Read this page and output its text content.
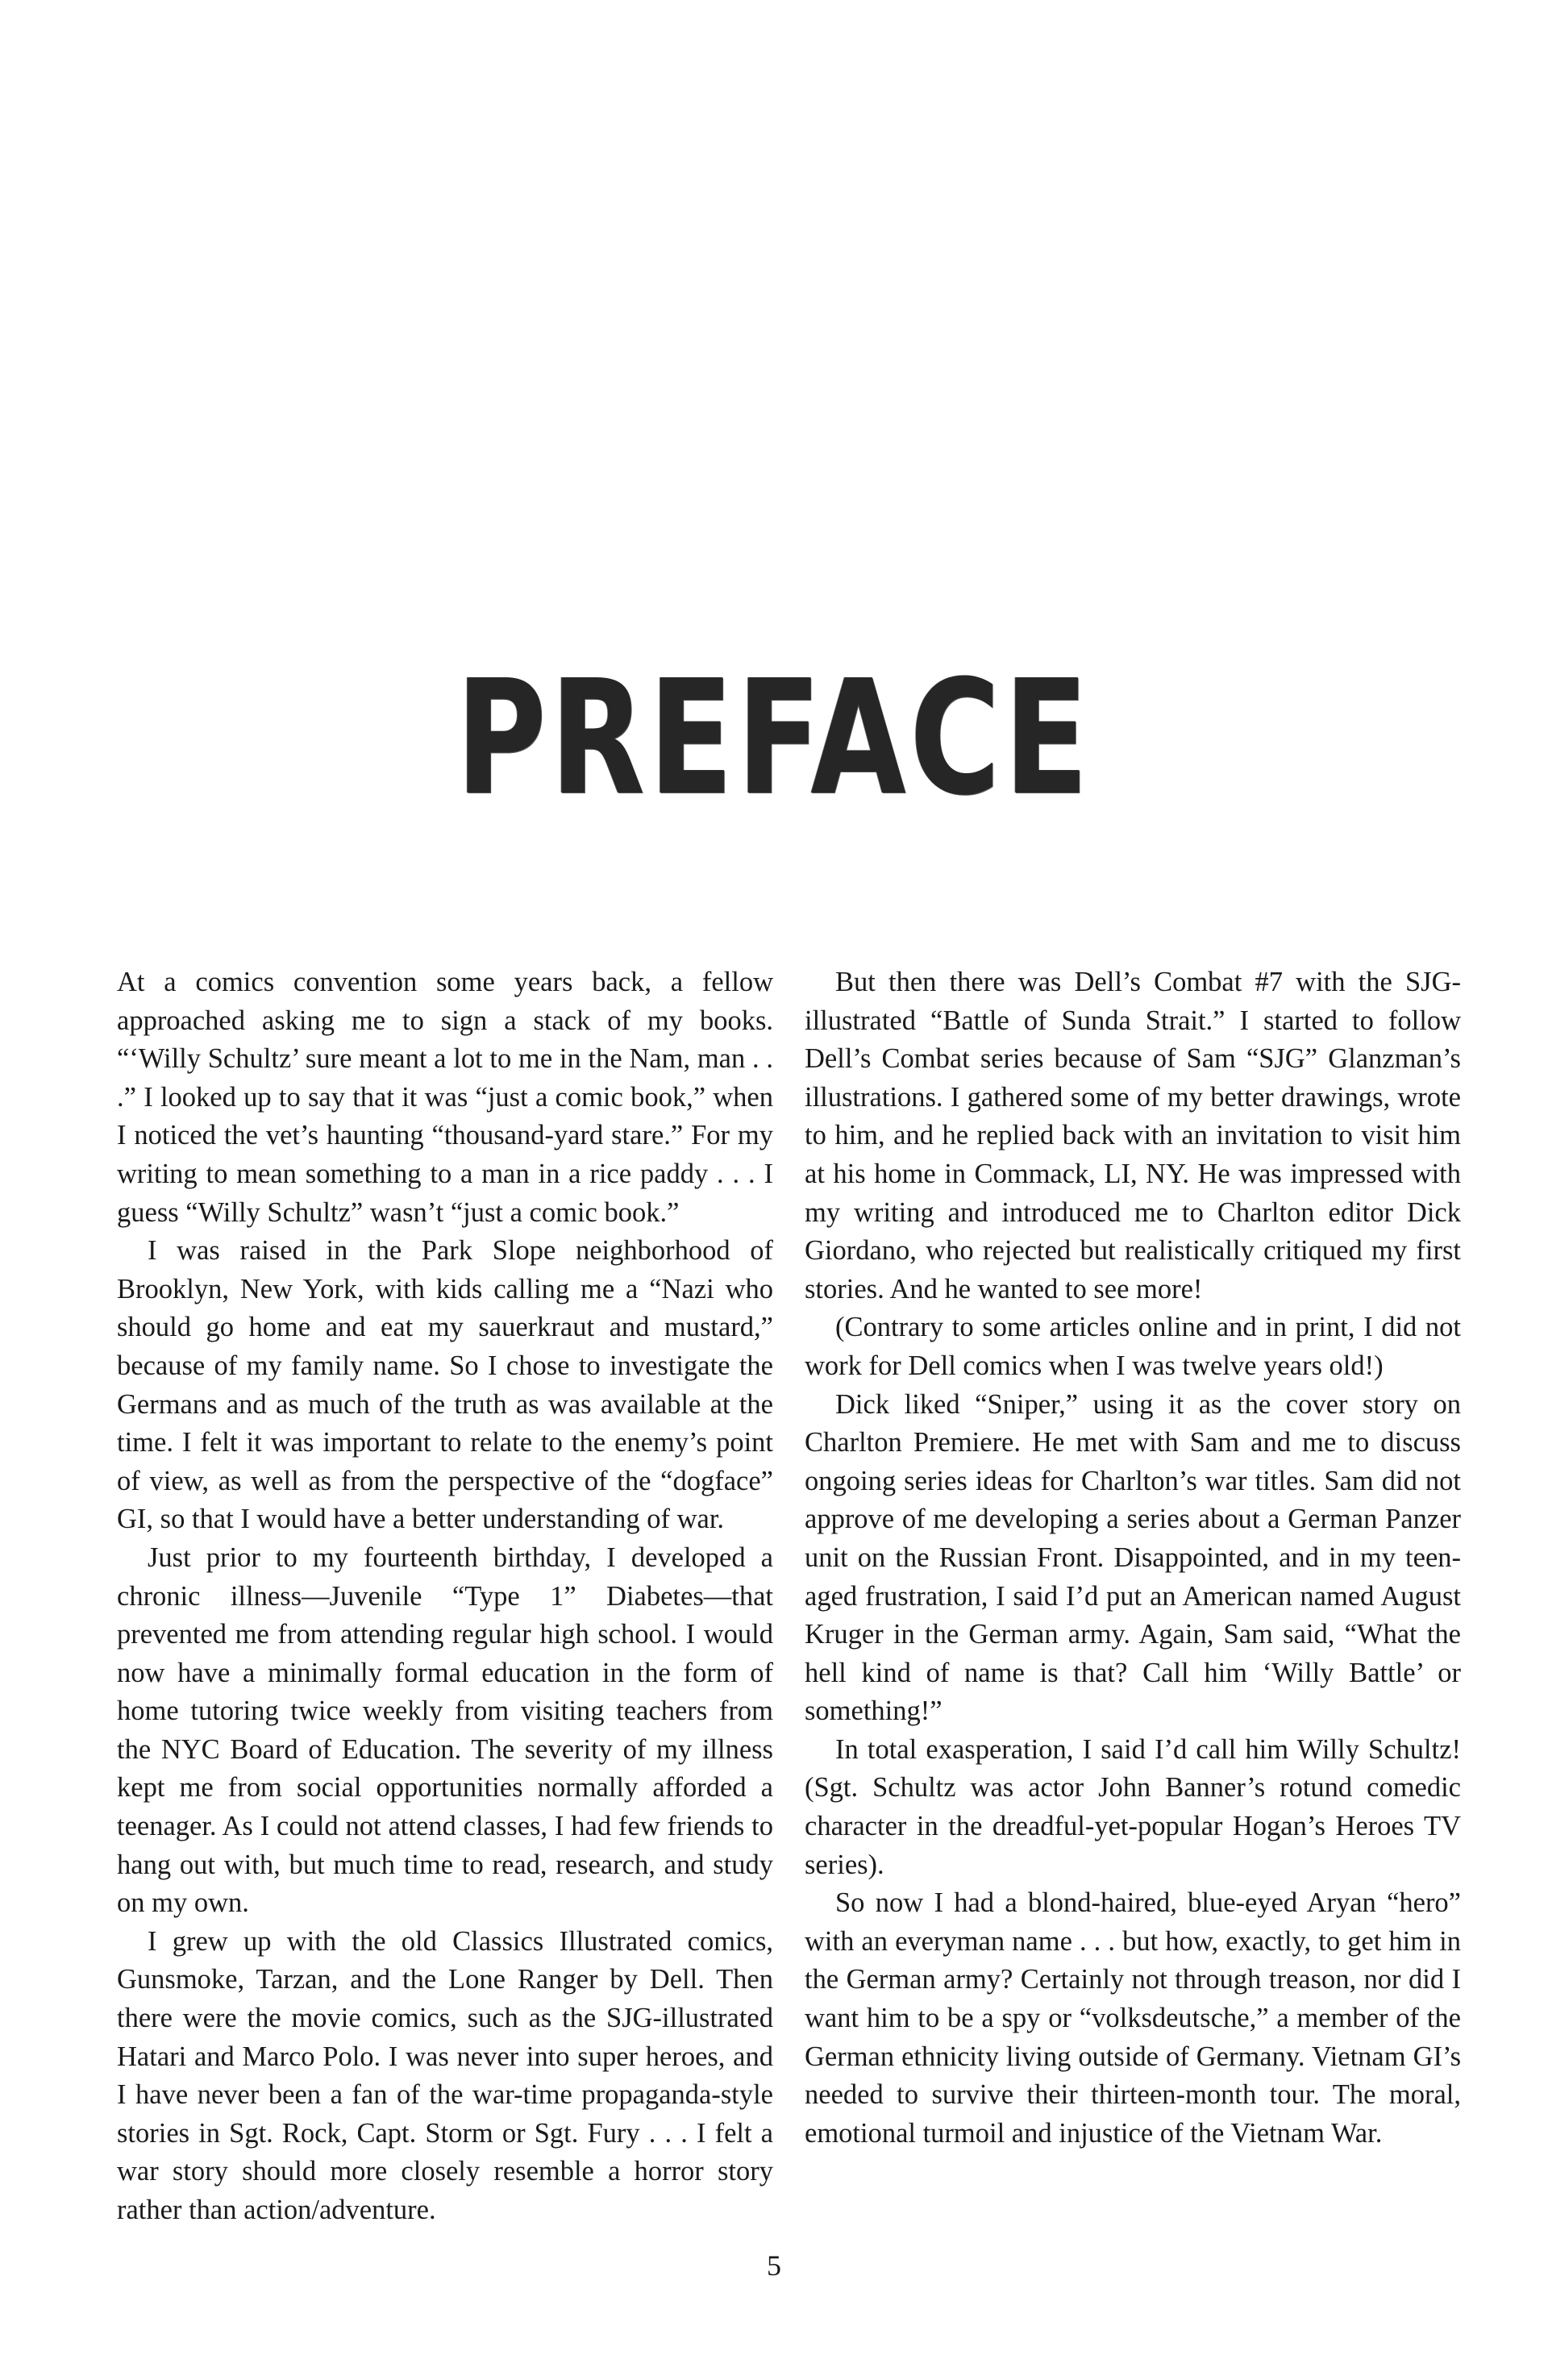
PREFACE

At a comics convention some years back, a fellow approached asking me to sign a stack of my books. “‘Willy Schultz’ sure meant a lot to me in the Nam, man . . .” I looked up to say that it was “just a comic book,” when I noticed the vet’s haunting “thousand-yard stare.” For my writing to mean something to a man in a rice paddy . . . I guess “Willy Schultz” wasn’t “just a comic book.”

I was raised in the Park Slope neighborhood of Brooklyn, New York, with kids calling me a “Nazi who should go home and eat my sauerkraut and mustard,” because of my family name. So I chose to investigate the Germans and as much of the truth as was available at the time. I felt it was important to relate to the enemy’s point of view, as well as from the perspective of the “dogface” GI, so that I would have a better understanding of war.

Just prior to my fourteenth birthday, I developed a chronic illness—Juvenile “Type 1” Diabetes—that prevented me from attending regular high school. I would now have a minimally formal education in the form of home tutoring twice weekly from visiting teachers from the NYC Board of Education. The severity of my illness kept me from social opportunities normally afforded a teenager. As I could not attend classes, I had few friends to hang out with, but much time to read, research, and study on my own.

I grew up with the old Classics Illustrated comics, Gunsmoke, Tarzan, and the Lone Ranger by Dell. Then there were the movie comics, such as the SJG-illustrated Hatari and Marco Polo. I was never into super heroes, and I have never been a fan of the war-time propaganda-style stories in Sgt. Rock, Capt. Storm or Sgt. Fury . . . I felt a war story should more closely resemble a horror story rather than action/adventure.

But then there was Dell’s Combat #7 with the SJG-illustrated “Battle of Sunda Strait.” I started to follow Dell’s Combat series because of Sam “SJG” Glanzman’s illustrations. I gathered some of my better drawings, wrote to him, and he replied back with an invitation to visit him at his home in Commack, LI, NY. He was impressed with my writing and introduced me to Charlton editor Dick Giordano, who rejected but realistically critiqued my first stories. And he wanted to see more!

(Contrary to some articles online and in print, I did not work for Dell comics when I was twelve years old!)

Dick liked “Sniper,” using it as the cover story on Charlton Premiere. He met with Sam and me to discuss ongoing series ideas for Charlton’s war titles. Sam did not approve of me developing a series about a German Panzer unit on the Russian Front. Disappointed, and in my teen-aged frustration, I said I’d put an American named August Kruger in the German army. Again, Sam said, “What the hell kind of name is that? Call him ‘Willy Battle’ or something!”

In total exasperation, I said I’d call him Willy Schultz! (Sgt. Schultz was actor John Banner’s rotund comedic character in the dreadful-yet-popular Hogan’s Heroes TV series).

So now I had a blond-haired, blue-eyed Aryan “hero” with an everyman name . . . but how, exactly, to get him in the German army? Certainly not through treason, nor did I want him to be a spy or “volksdeutsche,” a member of the German ethnicity living outside of Germany. Vietnam GI’s needed to survive their thirteen-month tour. The moral, emotional turmoil and injustice of the Vietnam War.

5
